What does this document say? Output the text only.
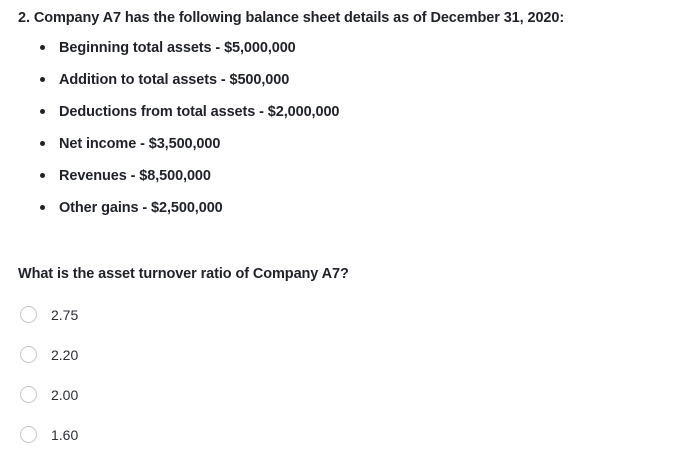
2. Company A7 has the following balance sheet details as of December 31, 2020:
Beginning total assets - $5,000,000
Addition to total assets - $500,000
Deductions from total assets - $2,000,000
Net income - $3,500,000
Revenues - $8,500,000
Other gains - $2,500,000

What is the asset turnover ratio of Company A7?

2.75
2.20
2.00
1.60
